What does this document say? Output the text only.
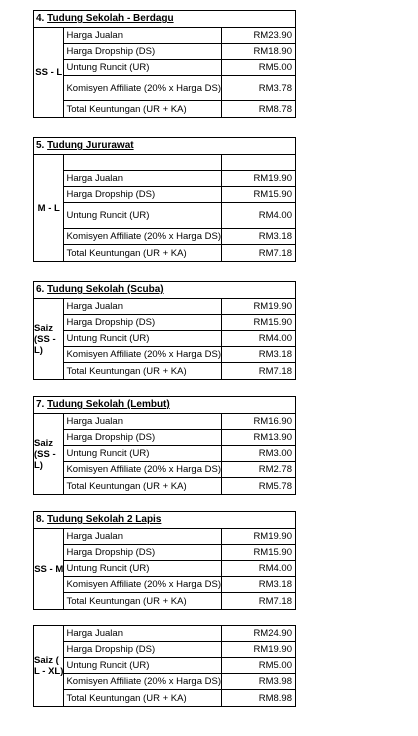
4. Tudung Sekolah - Berdagu
SS - L
Harga Jualan	RM23.90
Harga Dropship (DS)	RM18.90
Untung Runcit (UR)	RM5.00
Komisyen Affiliate (20% x Harga DS)	RM3.78
Total Keuntungan (UR + KA)	RM8.78
5. Tudung Jururawat
M - L
Harga Jualan	RM19.90
Harga Dropship (DS)	RM15.90
Untung Runcit (UR)	RM4.00
Komisyen Affiliate (20% x Harga DS)	RM3.18
Total Keuntungan (UR + KA)	RM7.18
6. Tudung Sekolah (Scuba)
Saiz (SS - L)
Harga Jualan	RM19.90
Harga Dropship (DS)	RM15.90
Untung Runcit (UR)	RM4.00
Komisyen Affiliate (20% x Harga DS)	RM3.18
Total Keuntungan (UR + KA)	RM7.18
7. Tudung Sekolah (Lembut)
Saiz (SS - L)
Harga Jualan	RM16.90
Harga Dropship (DS)	RM13.90
Untung Runcit (UR)	RM3.00
Komisyen Affiliate (20% x Harga DS)	RM2.78
Total Keuntungan (UR + KA)	RM5.78
8. Tudung Sekolah 2 Lapis
SS - M
Harga Jualan	RM19.90
Harga Dropship (DS)	RM15.90
Untung Runcit (UR)	RM4.00
Komisyen Affiliate (20% x Harga DS)	RM3.18
Total Keuntungan (UR + KA)	RM7.18
Saiz ( L - XL)
Harga Jualan	RM24.90
Harga Dropship (DS)	RM19.90
Untung Runcit (UR)	RM5.00
Komisyen Affiliate (20% x Harga DS)	RM3.98
Total Keuntungan (UR + KA)	RM8.98
